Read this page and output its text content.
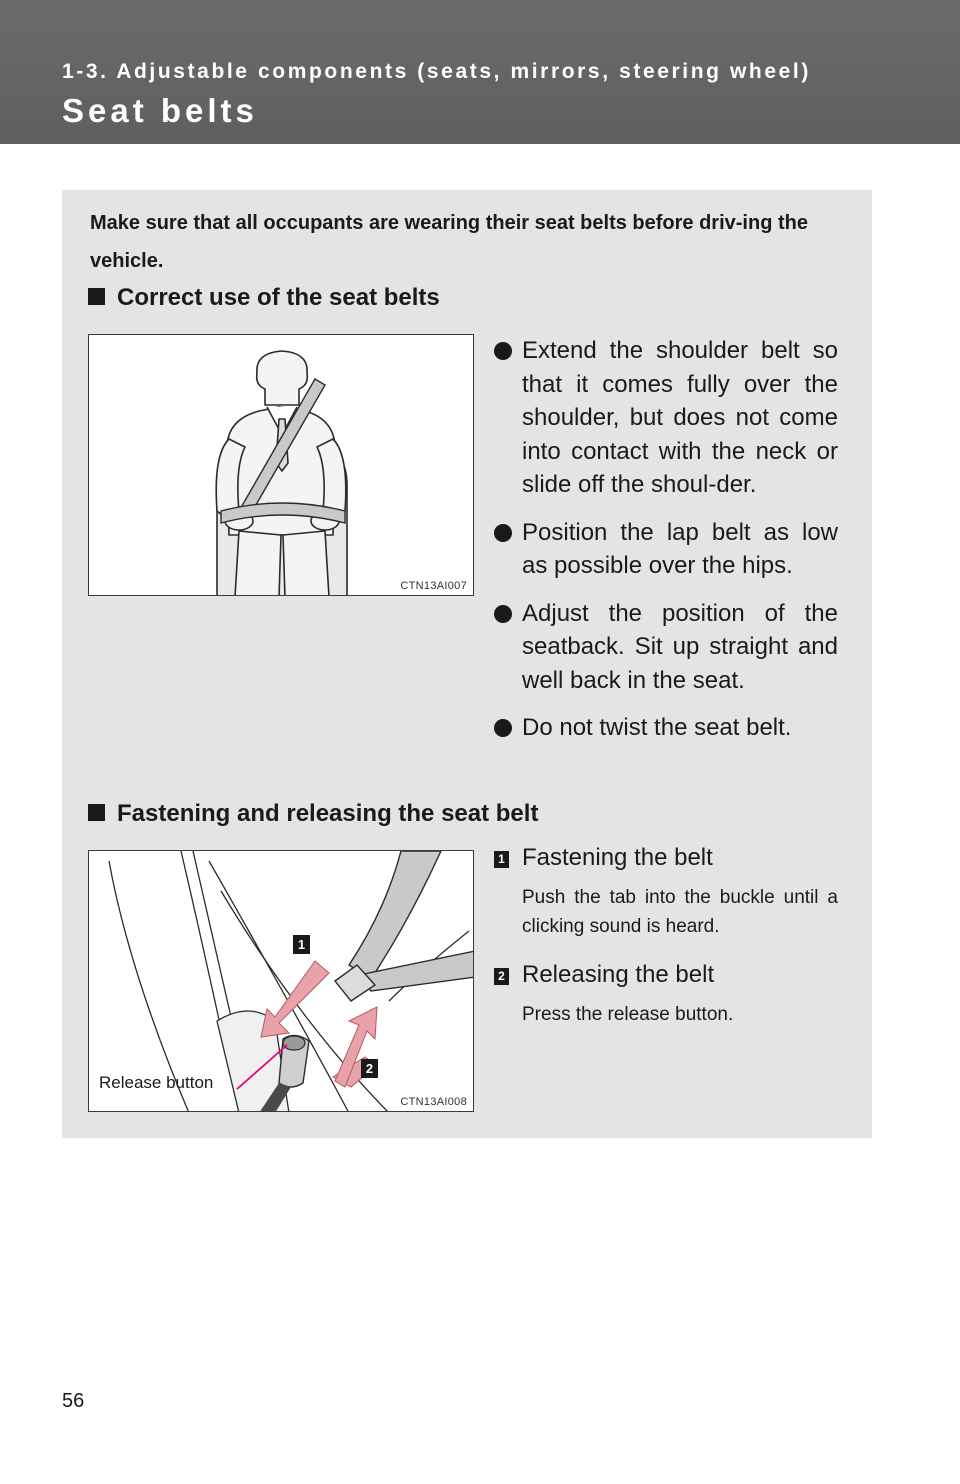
1-3. Adjustable components (seats, mirrors, steering wheel)
Seat belts
Make sure that all occupants are wearing their seat belts before driv-ing the vehicle.
Correct use of the seat belts
CTN13AI007
Extend the shoulder belt so that it comes fully over the shoulder, but does not come into contact with the neck or slide off the shoul-der.
Position the lap belt as low as possible over the hips.
Adjust the position of the seatback. Sit up straight and well back in the seat.
Do not twist the seat belt.
Fastening and releasing the seat belt
1
2
Release button
CTN13AI008
1 Fastening the belt
Push the tab into the buckle until a clicking sound is heard.
2 Releasing the belt
Press the release button.
56
